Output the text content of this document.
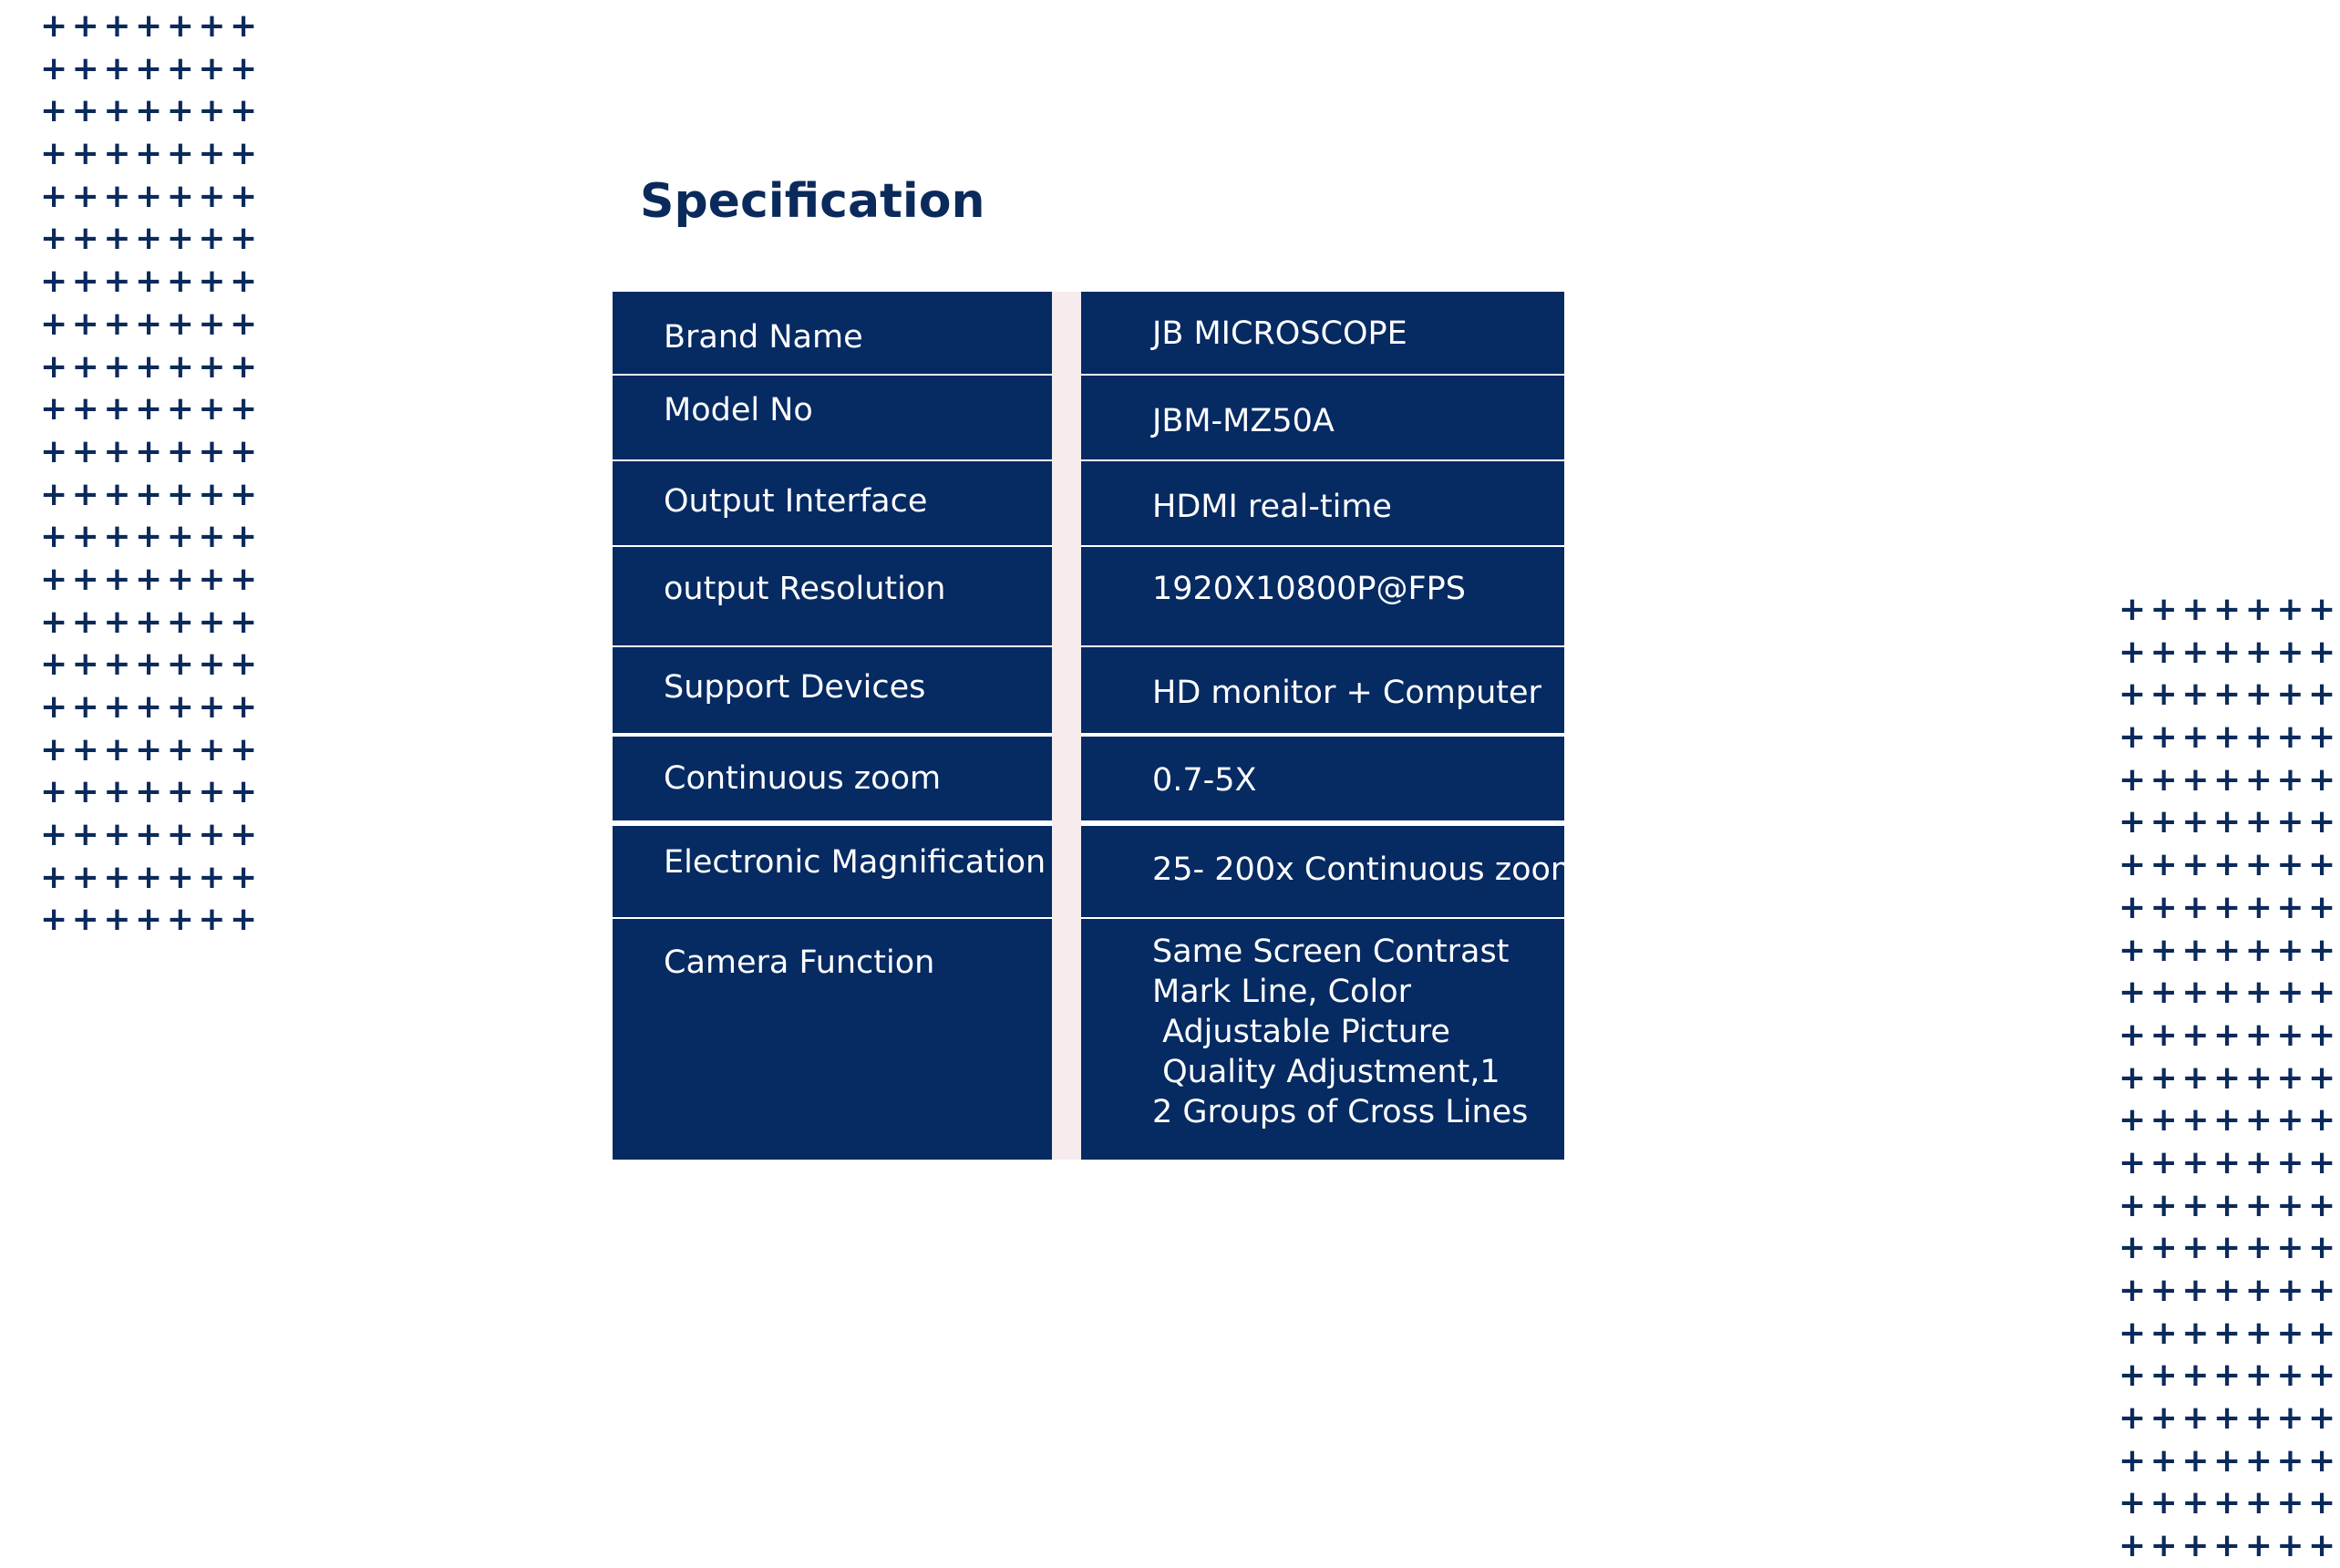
+++++++
+++++++
+++++++
+++++++
+++++++
+++++++
+++++++
+++++++
+++++++
+++++++
+++++++
+++++++
+++++++
+++++++
+++++++
+++++++
+++++++
+++++++
+++++++
+++++++
+++++++
+++++++
+++++++
+++++++
+++++++
+++++++
+++++++
+++++++
+++++++
+++++++
+++++++
+++++++
+++++++
+++++++
+++++++
+++++++
+++++++
+++++++
+++++++
+++++++
+++++++
+++++++
+++++++
+++++++
+++++++
Specification
Brand Name	JB MICROSCOPE
Model No	JBM-MZ50A
Output Interface	HDMI real-time
output Resolution	1920X10800P@FPS
Support Devices	HD monitor + Computer
Continuous zoom	0.7-5X
Electronic Magnification	25- 200x Continuous zoom
Camera Function	Same Screen Contrast
Mark Line, Color
Adjustable Picture
Quality Adjustment,1
2 Groups of Cross Lines
